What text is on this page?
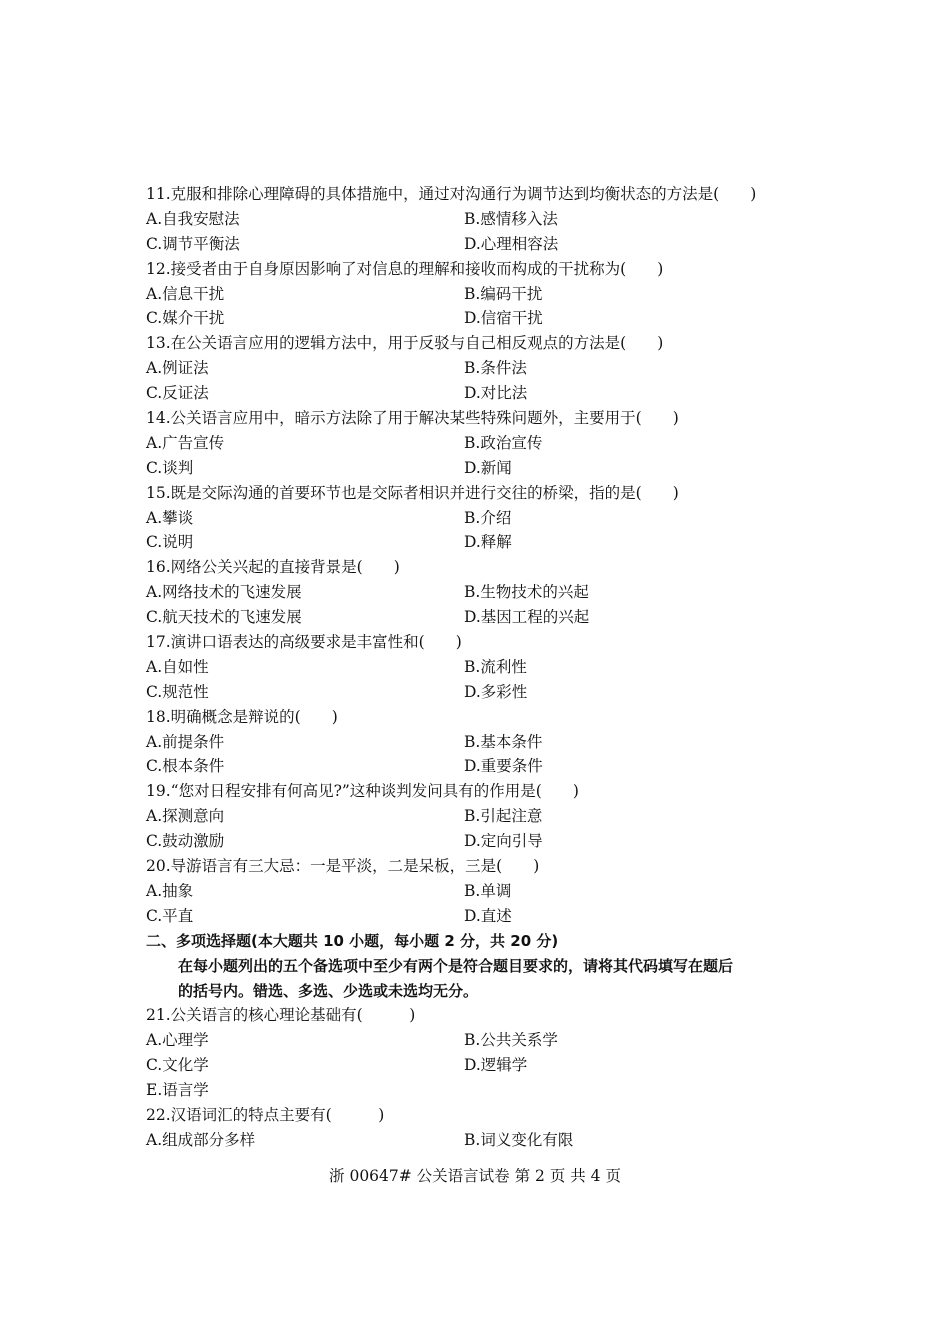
11.克服和排除心理障碍的具体措施中，通过对沟通行为调节达到均衡状态的方法是(　　)
A.自我安慰法	B.感情移入法
C.调节平衡法	D.心理相容法
12.接受者由于自身原因影响了对信息的理解和接收而构成的干扰称为(　　)
A.信息干扰	B.编码干扰
C.媒介干扰	D.信宿干扰
13.在公关语言应用的逻辑方法中，用于反驳与自己相反观点的方法是(　　)
A.例证法	B.条件法
C.反证法	D.对比法
14.公关语言应用中，暗示方法除了用于解决某些特殊问题外，主要用于(　　)
A.广告宣传	B.政治宣传
C.谈判	D.新闻
15.既是交际沟通的首要环节也是交际者相识并进行交往的桥梁，指的是(　　)
A.攀谈	B.介绍
C.说明	D.释解
16.网络公关兴起的直接背景是(　　)
A.网络技术的飞速发展	B.生物技术的兴起
C.航天技术的飞速发展	D.基因工程的兴起
17.演讲口语表达的高级要求是丰富性和(　　)
A.自如性	B.流利性
C.规范性	D.多彩性
18.明确概念是辩说的(　　)
A.前提条件	B.基本条件
C.根本条件	D.重要条件
19.“您对日程安排有何高见?”这种谈判发问具有的作用是(　　)
A.探测意向	B.引起注意
C.鼓动激励	D.定向引导
20.导游语言有三大忌：一是平淡，二是呆板，三是(　　)
A.抽象	B.单调
C.平直	D.直述
二、多项选择题(本大题共 10 小题，每小题 2 分，共 20 分)
在每小题列出的五个备选项中至少有两个是符合题目要求的，请将其代码填写在题后
的括号内。错选、多选、少选或未选均无分。
21.公关语言的核心理论基础有(　　　)
A.心理学	B.公共关系学
C.文化学	D.逻辑学
E.语言学
22.汉语词汇的特点主要有(　　　)
A.组成部分多样	B.词义变化有限
浙 00647# 公关语言试卷 第 2 页 共 4 页
